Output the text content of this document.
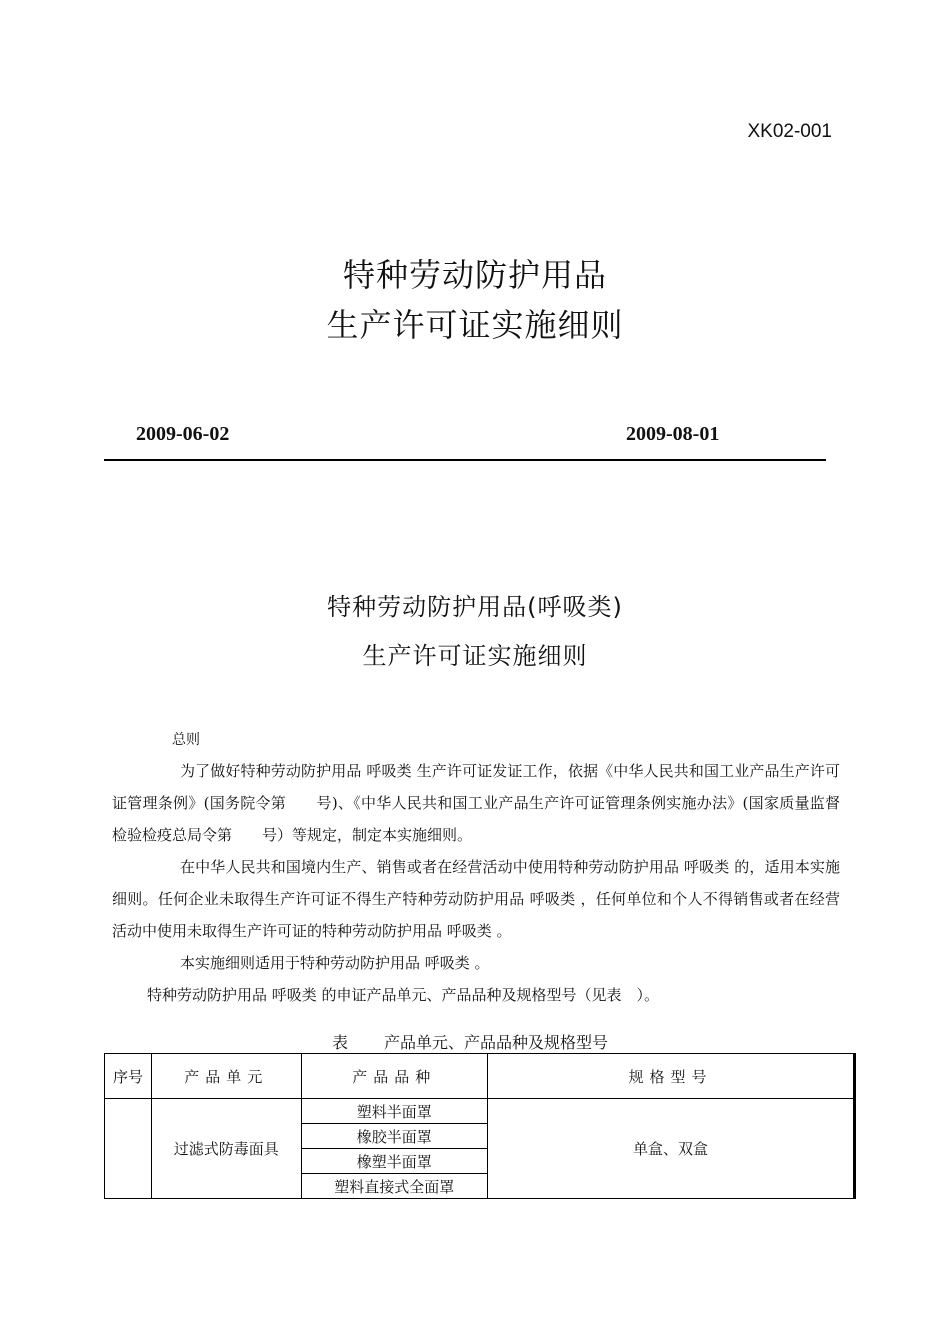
XK02-001
特种劳动防护用品
生产许可证实施细则
2009-06-02	2009-08-01
特种劳动防护用品(呼吸类)
生产许可证实施细则
总则

为了做好特种劳动防护用品 呼吸类 生产许可证发证工作，依据《中华人民共和国工业产品生产许可证管理条例》(国务院令第　　号)、《中华人民共和国工业产品生产许可证管理条例实施办法》(国家质量监督检验检疫总局令第　　号）等规定，制定本实施细则。

在中华人民共和国境内生产、销售或者在经营活动中使用特种劳动防护用品 呼吸类 的，适用本实施细则。任何企业未取得生产许可证不得生产特种劳动防护用品 呼吸类 ，任何单位和个人不得销售或者在经营活动中使用未取得生产许可证的特种劳动防护用品 呼吸类 。

本实施细则适用于特种劳动防护用品 呼吸类 。

特种劳动防护用品 呼吸类 的申证产品单元、产品品种及规格型号（见表　）。

表 产品单元、产品品种及规格型号
序号	产品单元	产品品种	规格型号
	过滤式防毒面具	塑料半面罩	单盒、双盒
		橡胶半面罩	
		橡塑半面罩	
		塑料直接式全面罩	
